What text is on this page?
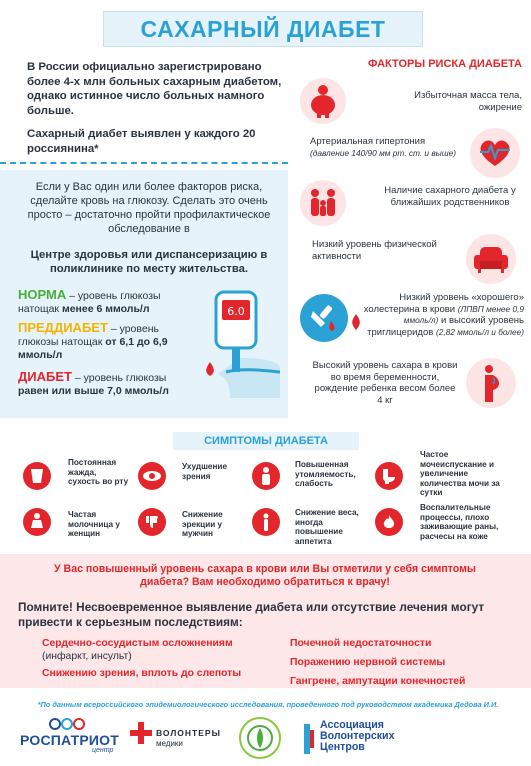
САХАРНЫЙ ДИАБЕТ

В России официально зарегистрировано более 4-х млн больных сахарным диабетом, однако истинное число больных намного больше.

Сахарный диабет выявлен у каждого 20 россиянина*

Если у Вас один или более факторов риска, сделайте кровь на глюкозу. Сделать это очень просто – достаточно пройти профилактическое обследование в
Центре здоровья или диспансеризацию в поликлинике по месту жительства.
НОРМА – уровень глюкозы натощак менее 6 ммоль/л
ПРЕДДИАБЕТ – уровень глюкозы натощак от 6,1 до 6,9 ммоль/л
ДИАБЕТ – уровень глюкозы равен или выше 7,0 ммоль/л
6.0
ФАКТОРЫ РИСКА ДИАБЕТА
Избыточная масса тела, ожирение
Артериальная гипертония (давление 140/90 мм рт. ст. и выше)
Наличие сахарного диабета у ближайших родственников
Низкий уровень физической активности
Низкий уровень «хорошего» холестерина в крови (ЛПВП менее 0,9 ммоль/л) и высокий уровень триглицеридов (2,82 ммоль/л и более)
Высокий уровень сахара в крови во время беременности, рождение ребенка весом более 4 кг
СИМПТОМЫ ДИАБЕТА
Постоянная жажда, сухость во рту
Ухудшение зрения
Повышенная утомляемость, слабость
Частое мочеиспускание и увеличение количества мочи за сутки
Частая молочница у женщин
Снижение эрекции у мужчин
Снижение веса, иногда повышение аппетита
Воспалительные процессы, плохо заживающие раны, расчесы на коже
У Вас повышенный уровень сахара в крови или Вы отметили у себя симптомы диабета? Вам необходимо обратиться к врачу!
Помните! Несвоевременное выявление диабета или отсутствие лечения могут привести к серьезным последствиям:
Сердечно-сосудистым осложнениям (инфаркт, инсульт)
Снижению зрения, вплоть до слепоты
Почечной недостаточности
Поражению нервной системы
Гангрене, ампутации конечностей
*По данным всероссийского эпидемиологического исследования, проведенного под руководством академика Дедова И.И.
РОСПАТРИОТ
центр
ВОЛОНТЕРЫ
медики
Ассоциация
Волонтерских
Центров
